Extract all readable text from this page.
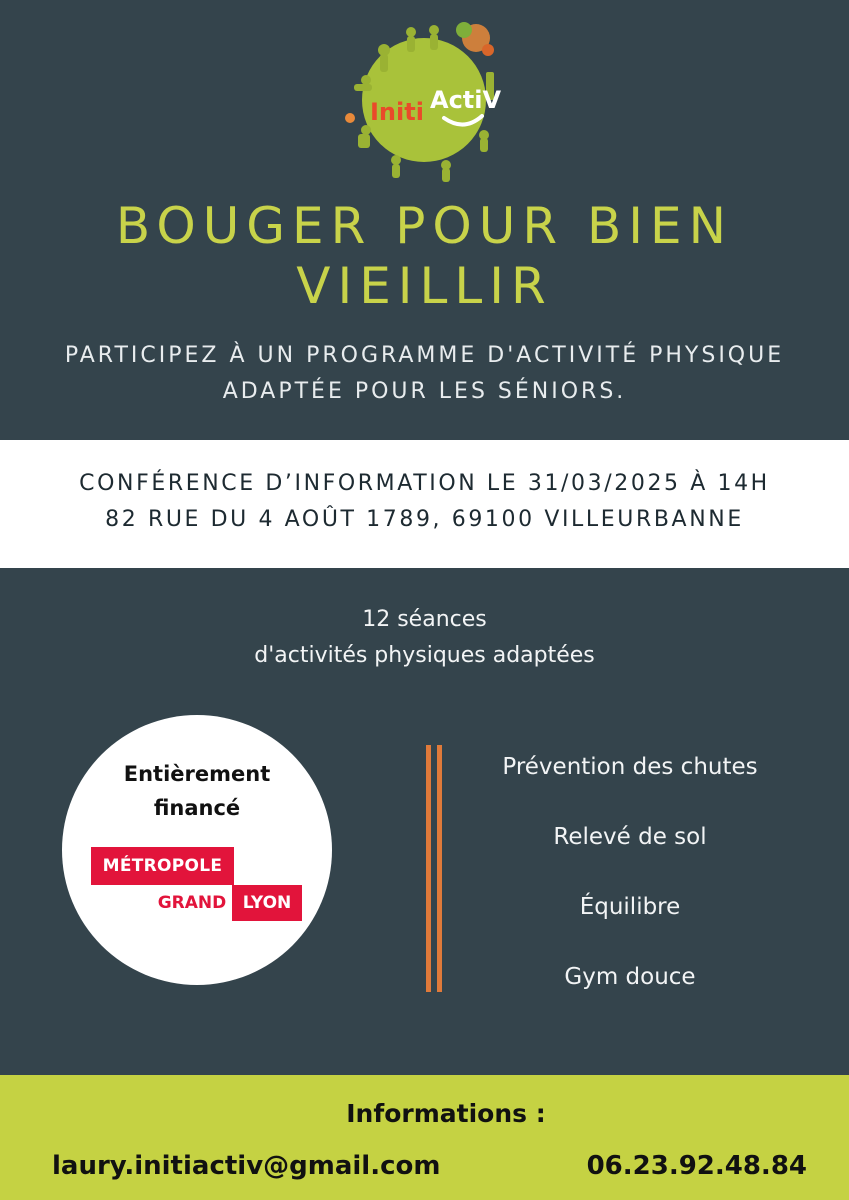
Initi ActiV
BOUGER POUR BIEN
VIEILLIR
PARTICIPEZ À UN PROGRAMME D'ACTIVITÉ PHYSIQUE
ADAPTÉE POUR LES SÉNIORS.
CONFÉRENCE D’INFORMATION LE 31/03/2025 À 14H
82 RUE DU 4 AOÛT 1789, 69100 VILLEURBANNE
12 séances
d'activités physiques adaptées
Entièrement
financé
MÉTROPOLE
GRAND LYON
Prévention des chutes
Relevé de sol
Équilibre
Gym douce
Informations :
laury.initiactiv@gmail.com	06.23.92.48.84
